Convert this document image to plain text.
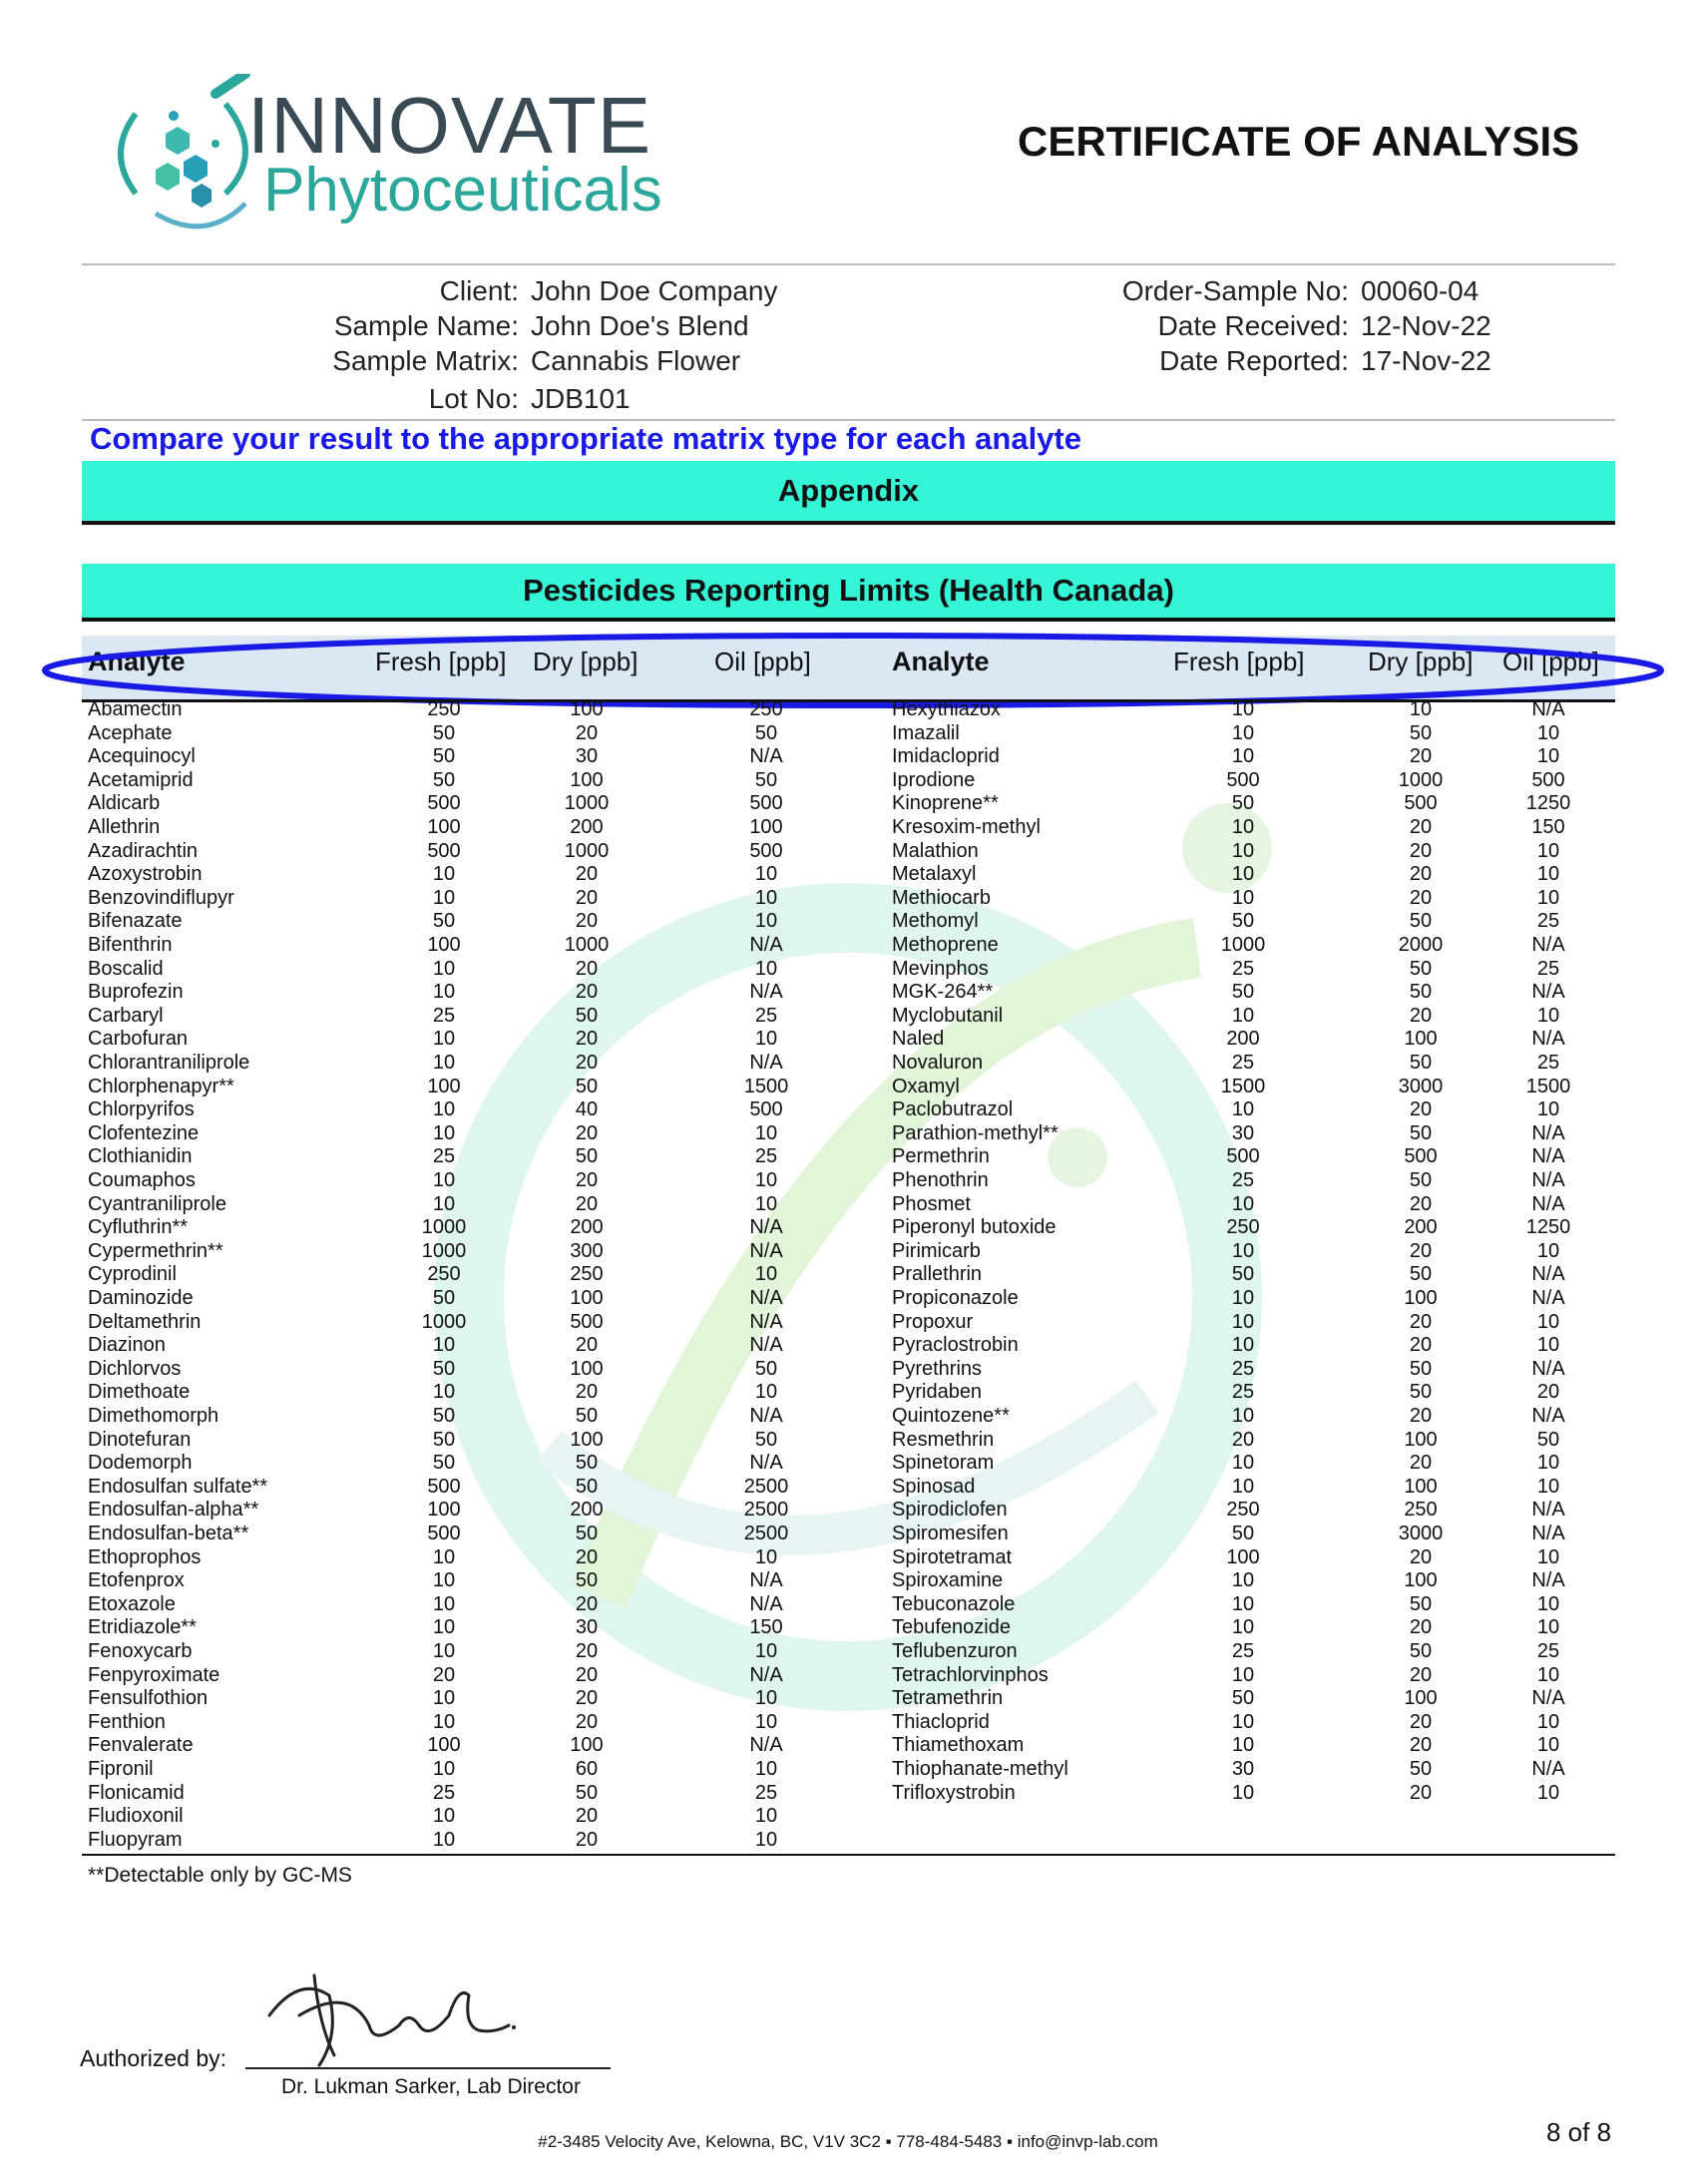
INNOVATE
Phytoceuticals
CERTIFICATE OF ANALYSIS
Client: John Doe Company
Sample Name: John Doe's Blend
Sample Matrix: Cannabis Flower
Lot No: JDB101
Order-Sample No: 00060-04
Date Received: 12-Nov-22
Date Reported: 17-Nov-22
Compare your result to the appropriate matrix type for each analyte
Appendix
Pesticides Reporting Limits (Health Canada)
Analyte	Fresh [ppb] Dry [ppb]	Oil [ppb]	Analyte	Fresh [ppb] Dry [ppb] Oil [ppb]
Abamectin	250	100	250
Acephate	50	20	50
Acequinocyl	50	30	N/A
Acetamiprid	50	100	50
Aldicarb	500	1000	500
Allethrin	100	200	100
Azadirachtin	500	1000	500
Azoxystrobin	10	20	10
Benzovindiflupyr	10	20	10
Bifenazate	50	20	10
Bifenthrin	100	1000	N/A
Boscalid	10	20	10
Buprofezin	10	20	N/A
Carbaryl	25	50	25
Carbofuran	10	20	10
Chlorantraniliprole	10	20	N/A
Chlorphenapyr**	100	50	1500
Chlorpyrifos	10	40	500
Clofentezine	10	20	10
Clothianidin	25	50	25
Coumaphos	10	20	10
Cyantraniliprole	10	20	10
Cyfluthrin**	1000	200	N/A
Cypermethrin**	1000	300	N/A
Cyprodinil	250	250	10
Daminozide	50	100	N/A
Deltamethrin	1000	500	N/A
Diazinon	10	20	N/A
Dichlorvos	50	100	50
Dimethoate	10	20	10
Dimethomorph	50	50	N/A
Dinotefuran	50	100	50
Dodemorph	50	50	N/A
Endosulfan sulfate**	500	50	2500
Endosulfan-alpha**	100	200	2500
Endosulfan-beta**	500	50	2500
Ethoprophos	10	20	10
Etofenprox	10	50	N/A
Etoxazole	10	20	N/A
Etridiazole**	10	30	150
Fenoxycarb	10	20	10
Fenpyroximate	20	20	N/A
Fensulfothion	10	20	10
Fenthion	10	20	10
Fenvalerate	100	100	N/A
Fipronil	10	60	10
Flonicamid	25	50	25
Fludioxonil	10	20	10
Fluopyram	10	20	10
Hexythiazox	10	10	N/A
Imazalil	10	50	10
Imidacloprid	10	20	10
Iprodione	500	1000	500
Kinoprene**	50	500	1250
Kresoxim-methyl	10	20	150
Malathion	10	20	10
Metalaxyl	10	20	10
Methiocarb	10	20	10
Methomyl	50	50	25
Methoprene	1000	2000	N/A
Mevinphos	25	50	25
MGK-264**	50	50	N/A
Myclobutanil	10	20	10
Naled	200	100	N/A
Novaluron	25	50	25
Oxamyl	1500	3000	1500
Paclobutrazol	10	20	10
Parathion-methyl**	30	50	N/A
Permethrin	500	500	N/A
Phenothrin	25	50	N/A
Phosmet	10	20	N/A
Piperonyl butoxide	250	200	1250
Pirimicarb	10	20	10
Prallethrin	50	50	N/A
Propiconazole	10	100	N/A
Propoxur	10	20	10
Pyraclostrobin	10	20	10
Pyrethrins	25	50	N/A
Pyridaben	25	50	20
Quintozene**	10	20	N/A
Resmethrin	20	100	50
Spinetoram	10	20	10
Spinosad	10	100	10
Spirodiclofen	250	250	N/A
Spiromesifen	50	3000	N/A
Spirotetramat	100	20	10
Spiroxamine	10	100	N/A
Tebuconazole	10	50	10
Tebufenozide	10	20	10
Teflubenzuron	25	50	25
Tetrachlorvinphos	10	20	10
Tetramethrin	50	100	N/A
Thiacloprid	10	20	10
Thiamethoxam	10	20	10
Thiophanate-methyl	30	50	N/A
Trifloxystrobin	10	20	10
**Detectable only by GC-MS
Authorized by:
Dr. Lukman Sarker, Lab Director
#2-3485 Velocity Ave, Kelowna, BC, V1V 3C2 ▪ 778-484-5483 ▪ info@invp-lab.com	8 of 8
